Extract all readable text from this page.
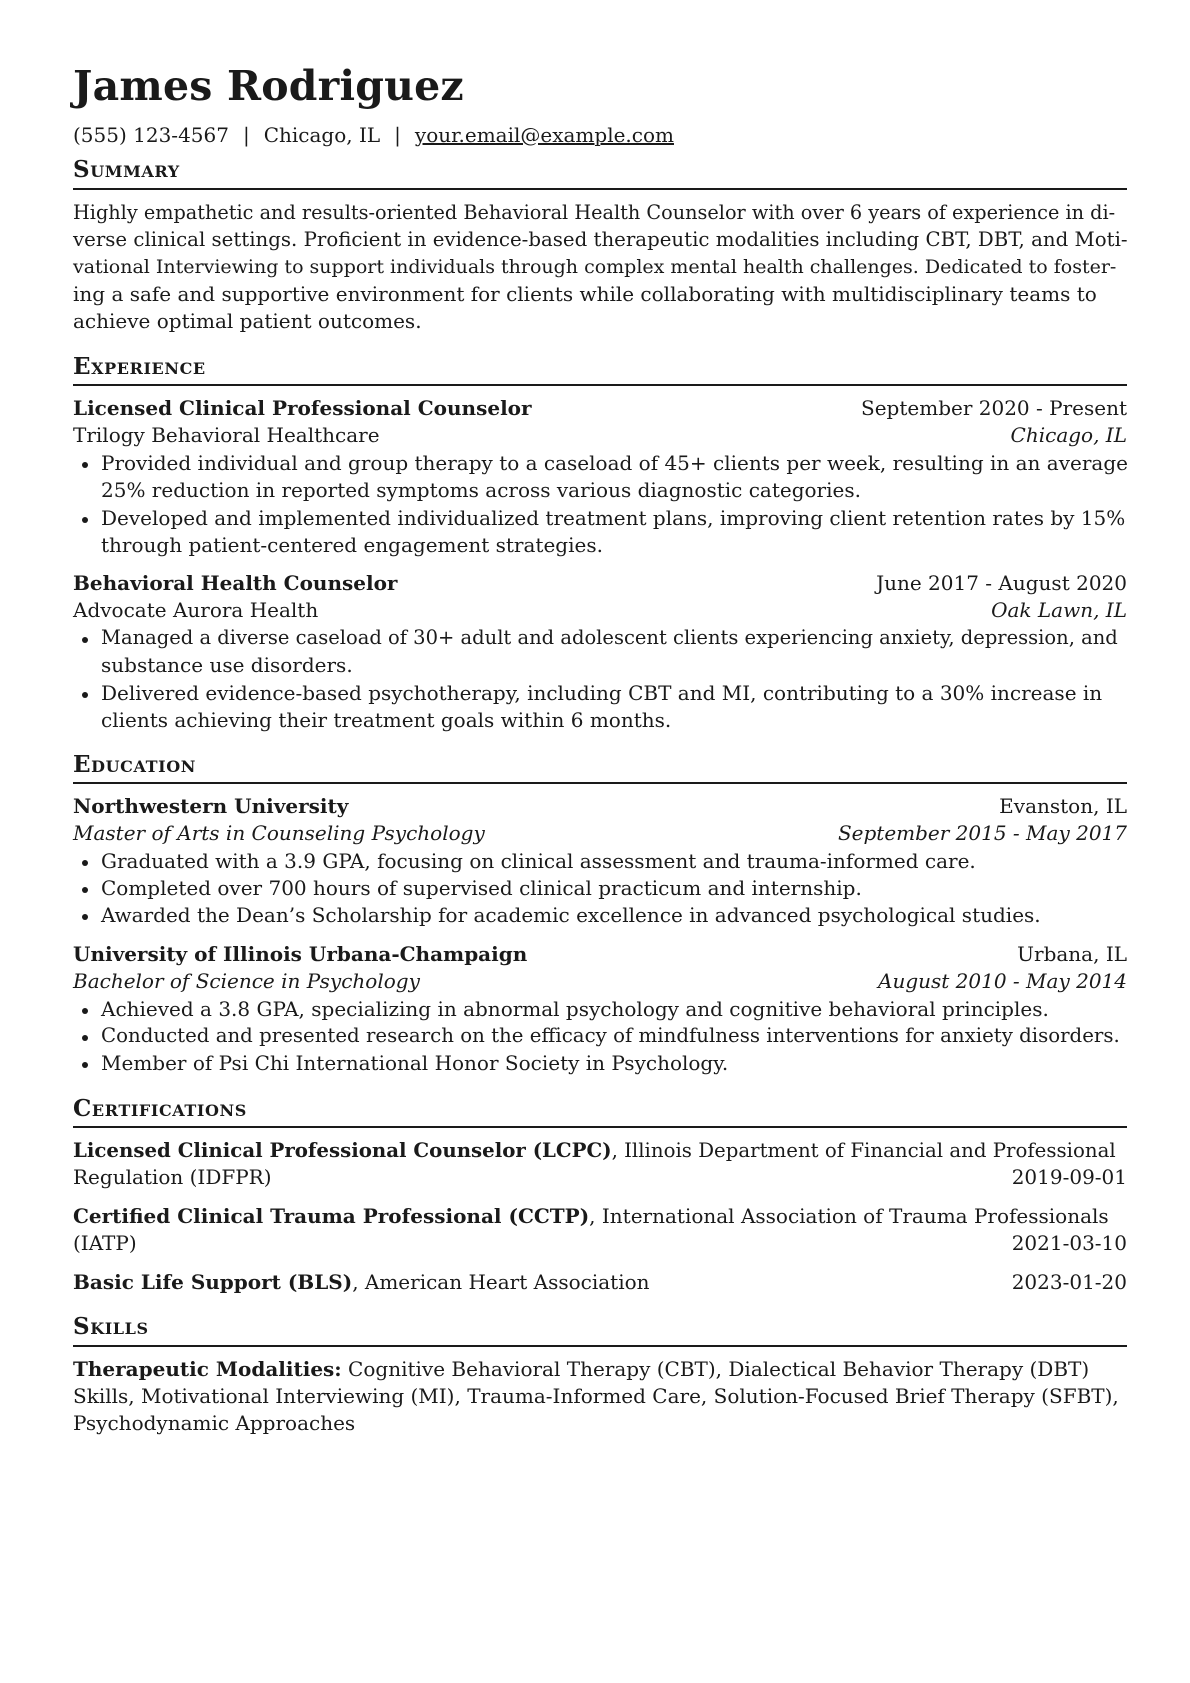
James Rodriguez
(555) 123-4567 | Chicago, IL | your.email@example.com
Summary
Highly empathetic and results-oriented Behavioral Health Counselor with over 6 years of experience in di-
verse clinical settings. Proficient in evidence-based therapeutic modalities including CBT, DBT, and Moti-
vational Interviewing to support individuals through complex mental health challenges. Dedicated to foster-
ing a safe and supportive environment for clients while collaborating with multidisciplinary teams to
achieve optimal patient outcomes.
Experience
Licensed Clinical Professional Counselor	September 2020 - Present
Trilogy Behavioral Healthcare	Chicago, IL
Provided individual and group therapy to a caseload of 45+ clients per week, resulting in an average
25% reduction in reported symptoms across various diagnostic categories.
Developed and implemented individualized treatment plans, improving client retention rates by 15%
through patient-centered engagement strategies.
Behavioral Health Counselor	June 2017 - August 2020
Advocate Aurora Health	Oak Lawn, IL
Managed a diverse caseload of 30+ adult and adolescent clients experiencing anxiety, depression, and
substance use disorders.
Delivered evidence-based psychotherapy, including CBT and MI, contributing to a 30% increase in
clients achieving their treatment goals within 6 months.
Education
Northwestern University	Evanston, IL
Master of Arts in Counseling Psychology	September 2015 - May 2017
Graduated with a 3.9 GPA, focusing on clinical assessment and trauma-informed care.
Completed over 700 hours of supervised clinical practicum and internship.
Awarded the Dean’s Scholarship for academic excellence in advanced psychological studies.
University of Illinois Urbana-Champaign	Urbana, IL
Bachelor of Science in Psychology	August 2010 - May 2014
Achieved a 3.8 GPA, specializing in abnormal psychology and cognitive behavioral principles.
Conducted and presented research on the efficacy of mindfulness interventions for anxiety disorders.
Member of Psi Chi International Honor Society in Psychology.
Certifications
Licensed Clinical Professional Counselor (LCPC), Illinois Department of Financial and Professional
Regulation (IDFPR)	2019-09-01
Certified Clinical Trauma Professional (CCTP), International Association of Trauma Professionals
(IATP)	2021-03-10
Basic Life Support (BLS), American Heart Association	2023-01-20
Skills
Therapeutic Modalities: Cognitive Behavioral Therapy (CBT), Dialectical Behavior Therapy (DBT)
Skills, Motivational Interviewing (MI), Trauma-Informed Care, Solution-Focused Brief Therapy (SFBT),
Psychodynamic Approaches
